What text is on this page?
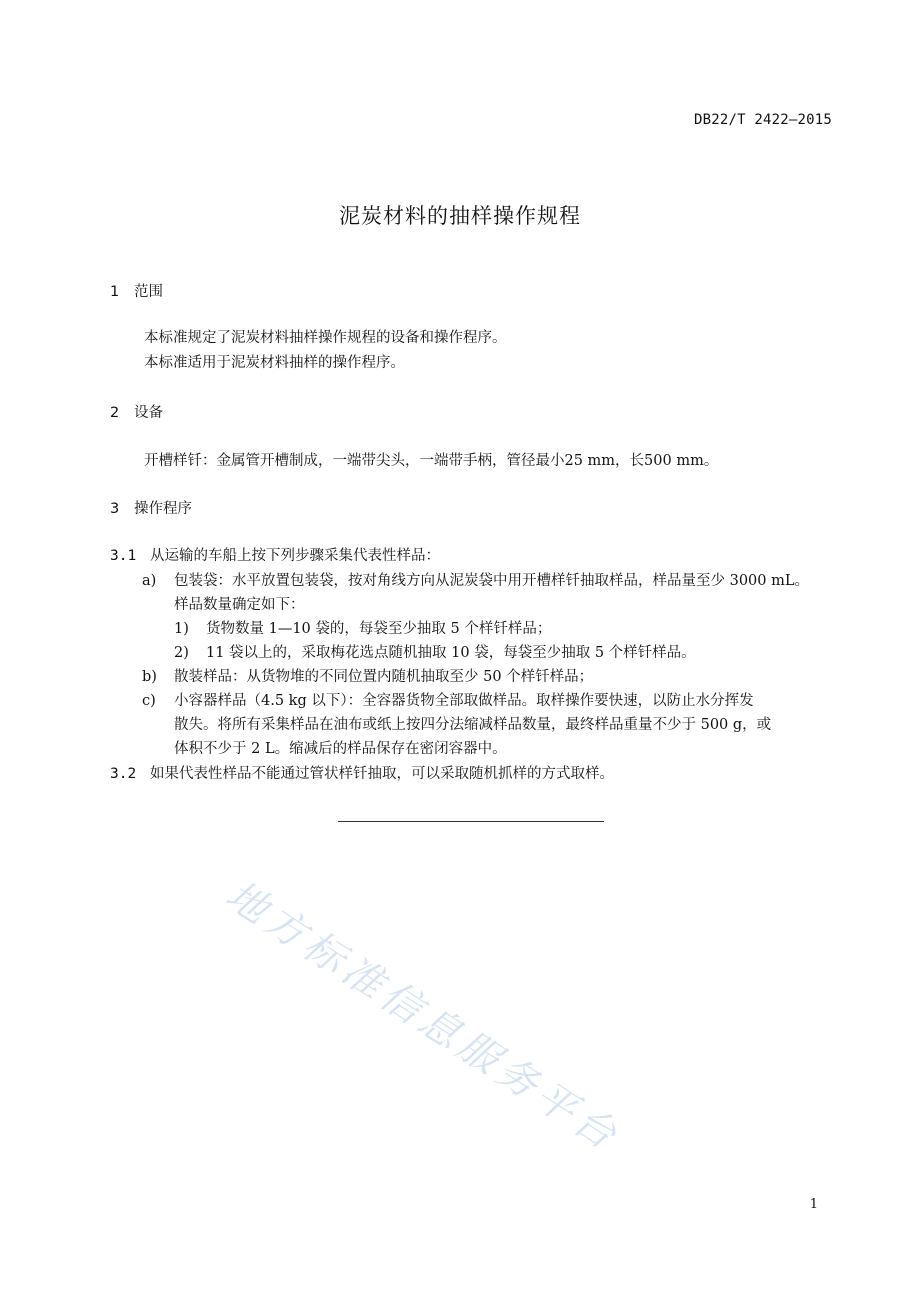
DB22/T 2422—2015
泥炭材料的抽样操作规程
1 范围
本标准规定了泥炭材料抽样操作规程的设备和操作程序。
本标准适用于泥炭材料抽样的操作程序。
2 设备
开槽样钎：金属管开槽制成，一端带尖头，一端带手柄，管径最小25 mm，长500 mm。
3 操作程序
3.1 从运输的车船上按下列步骤采集代表性样品：
a) 包装袋：水平放置包装袋，按对角线方向从泥炭袋中用开槽样钎抽取样品，样品量至少 3000 mL。
样品数量确定如下：
1) 货物数量 1—10 袋的，每袋至少抽取 5 个样钎样品；
2) 11 袋以上的，采取梅花选点随机抽取 10 袋，每袋至少抽取 5 个样钎样品。
b) 散装样品：从货物堆的不同位置内随机抽取至少 50 个样钎样品；
c) 小容器样品（4.5 kg 以下）：全容器货物全部取做样品。取样操作要快速，以防止水分挥发
散失。将所有采集样品在油布或纸上按四分法缩减样品数量，最终样品重量不少于 500 g，或
体积不少于 2 L。缩减后的样品保存在密闭容器中。
3.2 如果代表性样品不能通过管状样钎抽取，可以采取随机抓样的方式取样。
地方标准信息服务平台
1
